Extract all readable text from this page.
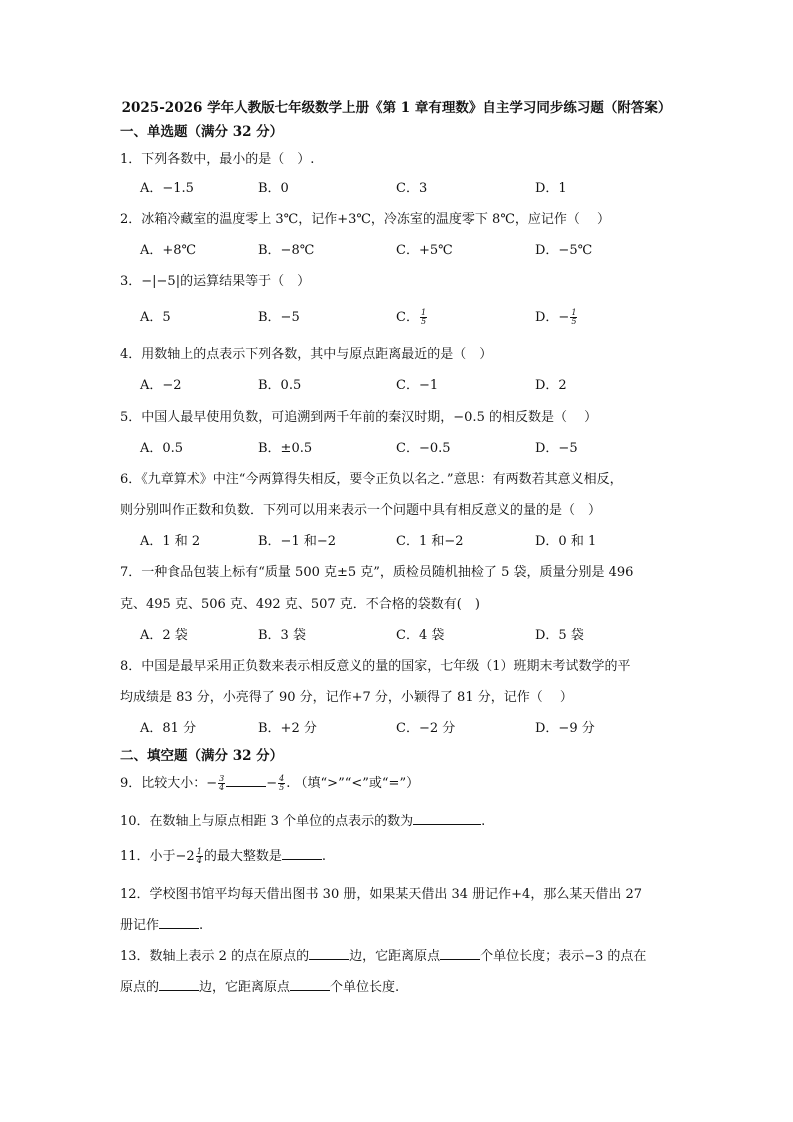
2025-2026 学年人教版七年级数学上册《第 1 章有理数》自主学习同步练习题（附答案）
一、单选题（满分 32 分）
1．下列各数中，最小的是（　）.
A．−1.5	B．0	C．3	D．1
2．冰箱冷藏室的温度零上 3℃，记作+3℃，冷冻室的温度零下 8℃，应记作（　 ）
A．+8℃	B．−8℃	C．+5℃	D．−5℃
3．−|−5|的运算结果等于（　）
A．5	B．−5	C． $\frac{1}{5}$	D．− $\frac{1}{5}$
4．用数轴上的点表示下列各数，其中与原点距离最近的是（　）
A．−2	B．0.5	C．−1	D．2
5．中国人最早使用负数，可追溯到两千年前的秦汉时期，−0.5 的相反数是（　 ）
A．0.5	B．±0.5	C．−0.5	D．−5
6．《九章算术》中注“今两算得失相反，要令正负以名之．”意思：有两数若其意义相反，
则分别叫作正数和负数．下列可以用来表示一个问题中具有相反意义的量的是（　）
A．1 和 2	B．−1 和−2	C．1 和−2	D．0 和 1
7．一种食品包装上标有“质量 500 克±5 克”，质检员随机抽检了 5 袋，质量分别是 496
克、495 克、506 克、492 克、507 克．不合格的袋数有(　)
A．2 袋	B．3 袋	C．4 袋	D．5 袋
8．中国是最早采用正负数来表示相反意义的量的国家，七年级（1）班期末考试数学的平
均成绩是 83 分，小亮得了 90 分，记作+7 分，小颖得了 81 分，记作（　 ）
A．81 分	B．+2 分	C．−2 分	D．−9 分
二、填空题（满分 32 分）
9．比较大小：− $\frac{3}{4}$	− $\frac{4}{5}$ . （填“>”“<”或“=”）
10．在数轴上与原点相距 3 个单位的点表示的数为	.
11．小于$-2 \frac{1}{4}$ 的最大整数是	.
12．学校图书馆平均每天借出图书 30 册，如果某天借出 34 册记作+4，那么某天借出 27
册记作	.
13．数轴上表示 2 的点在原点的	边，它距离原点	个单位长度；表示−3 的点在
原点的	边，它距离原点	个单位长度.
